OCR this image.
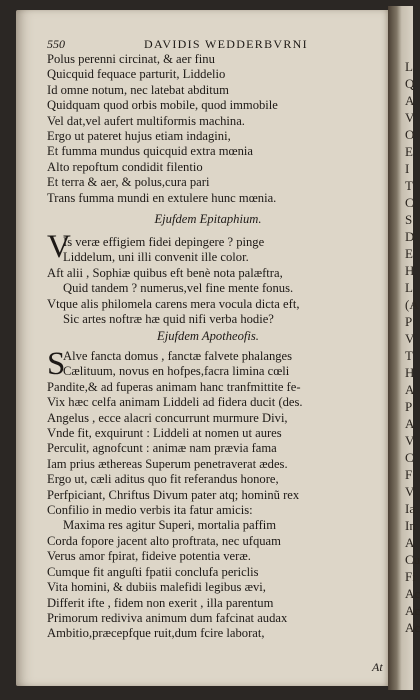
550	DAVIDIS WEDDERBVRNI
Polus perenni circinat, & aer finu
Quicquid fequace parturit, Liddelio
Id omne notum, nec latebat abditum
Quidquam quod orbis mobile, quod immobile
Vel dat,vel aufert multiformis machina.
Ergo ut pateret hujus etiam indagini,
Et fumma mundus quicquid extra mœnia
Alto repoftum condidit filentio
Et terra & aer, & polus,cura pari
Trans fumma mundi en extulere hunc mœnia.
Ejufdem Epitaphium.
V
Is veræ effigiem fidei depingere ? pinge
Liddelum, uni illi convenit ille color.
Aft alii , Sophiæ quibus eft benè nota palæftra,
Quid tandem ? numerus,vel fine mente fonus.
Vtque alis philomela carens mera vocula dicta eft,
Sic artes noftræ hæ quid nifi verba hodie?
Ejufdem Apotheofis.
S
Alve fancta domus , fanctæ falvete phalanges
Cælituum, novus en hofpes,facra limina cœli
Pandite,& ad fuperas animam hanc tranfmittite fe-
Vix hæc celfa animam Liddeli ad fidera ducit (des.
Angelus , ecce alacri concurrunt murmure Divi,
Vnde fit, exquirunt : Liddeli at nomen ut aures
Perculit, agnofcunt : animæ nam prævia fama
Iam prius æthereas Superum penetraverat ædes.
Ergo ut, cæli aditus quo fit referandus honore,
Perfpiciant, Chriftus Divum pater atq; hominũ rex
Confilio in medio verbis ita fatur amicis:
Maxima res agitur Superi, mortalia paffim
Corda fopore jacent alto proftrata, nec ufquam
Verus amor fpirat, fideive potentia veræ.
Cumque fit anguſti fpatii conclufa periclis
Vita homini, & dubiis malefidi legibus ævi,
Differit ifte , fidem non exerit , illa parentum
Primorum rediviva animum dum fafcinat audax
Ambitio,præcepfque ruit,dum fcire laborat,
At
L
Q
A
V
O
E
I
T
C
S
D
E
H
L
(A
P
V
T
H
A
P
A
V
C
F
V
Ia
In
A
Cu
Fi
Ac
Ac
Ac
